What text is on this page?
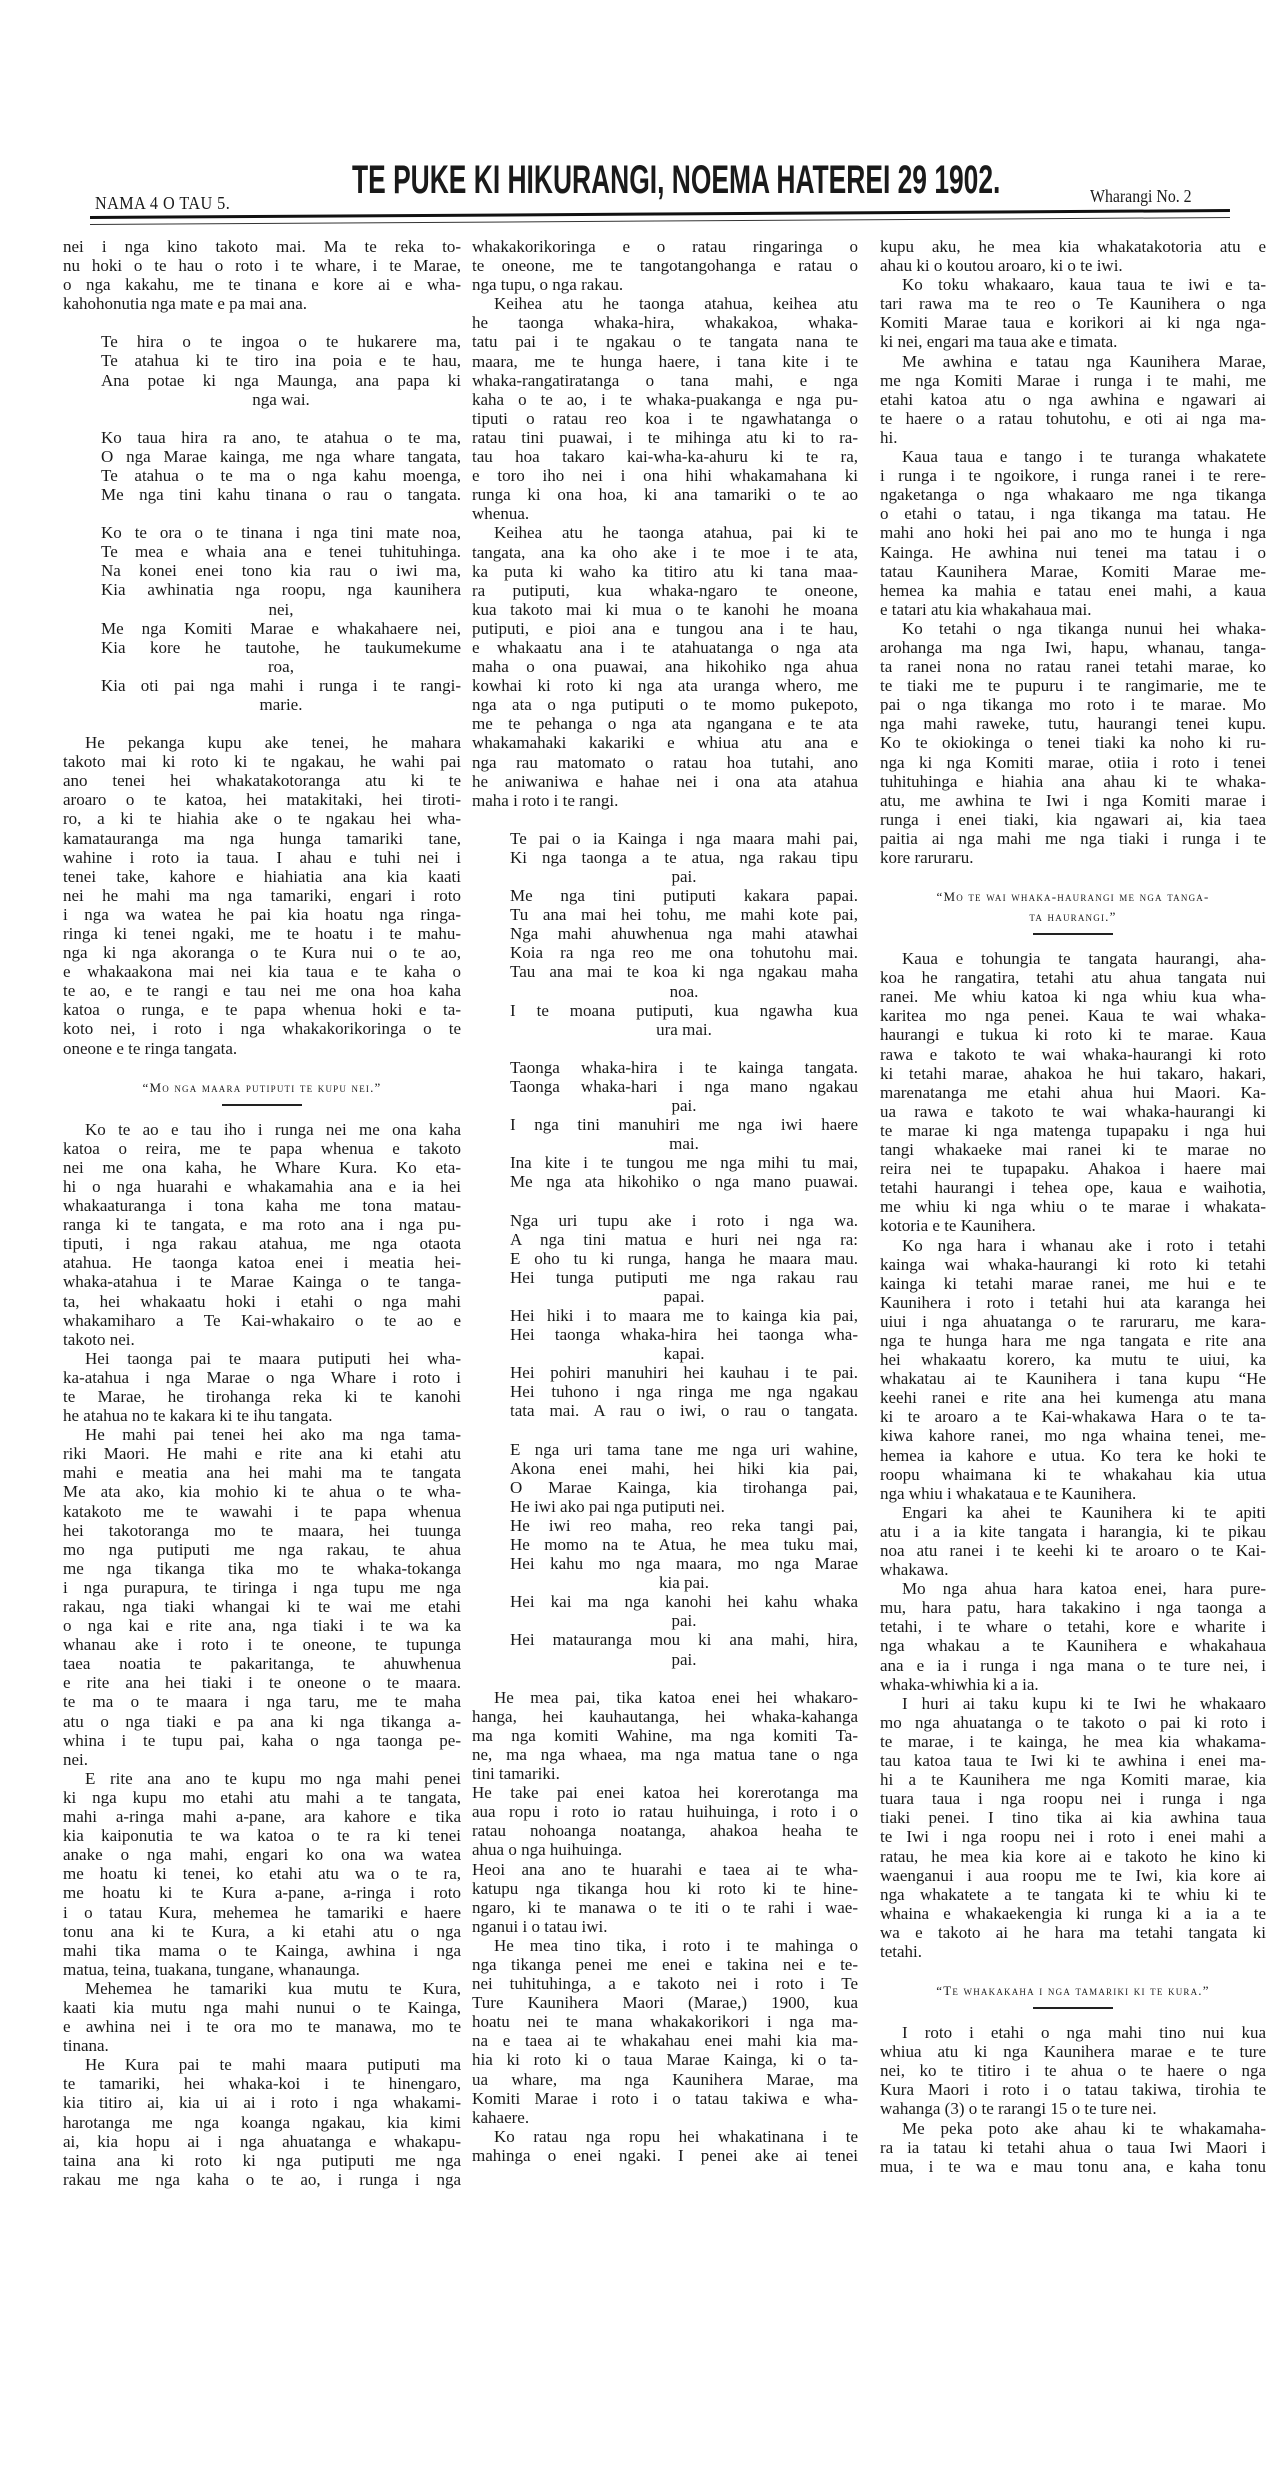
NAMA 4 O TAU 5.
TE PUKE KI HIKURANGI, NOEMA HATEREI 29 1902.	Wharangi No. 2
nei i nga kino takoto mai. Ma te reka to-
nu hoki o te hau o roto i te whare, i te Marae,
o nga kakahu, me te tinana e kore ai e wha-
kahohonutia nga mate e pa mai ana.
Te hira o te ingoa o te hukarere ma,
Te atahua ki te tiro ina poia e te hau,
Ana potae ki nga Maunga, ana papa ki
nga wai.
Ko taua hira ra ano, te atahua o te ma,
O nga Marae kainga, me nga whare tangata,
Te atahua o te ma o nga kahu moenga,
Me nga tini kahu tinana o rau o tangata.
Ko te ora o te tinana i nga tini mate noa,
Te mea e whaia ana e tenei tuhituhinga.
Na konei enei tono kia rau o iwi ma,
Kia awhinatia nga roopu, nga kaunihera
nei,
Me nga Komiti Marae e whakahaere nei,
Kia kore he tautohe, he taukumekume
roa,
Kia oti pai nga mahi i runga i te rangi-
marie.
He pekanga kupu ake tenei, he mahara
takoto mai ki roto ki te ngakau, he wahi pai
ano tenei hei whakatakotoranga atu ki te
aroaro o te katoa, hei matakitaki, hei tiroti-
ro, a ki te hiahia ake o te ngakau hei wha-
kamatauranga ma nga hunga tamariki tane,
wahine i roto ia taua. I ahau e tuhi nei i
tenei take, kahore e hiahiatia ana kia kaati
nei he mahi ma nga tamariki, engari i roto
i nga wa watea he pai kia hoatu nga ringa-
ringa ki tenei ngaki, me te hoatu i te mahu-
nga ki nga akoranga o te Kura nui o te ao,
e whakaakona mai nei kia taua e te kaha o
te ao, e te rangi e tau nei me ona hoa kaha
katoa o runga, e te papa whenua hoki e ta-
koto nei, i roto i nga whakakorikoringa o te
oneone e te ringa tangata.
“Mo nga maara putiputi te kupu nei.”
Ko te ao e tau iho i runga nei me ona kaha
katoa o reira, me te papa whenua e takoto
nei me ona kaha, he Whare Kura. Ko eta-
hi o nga huarahi e whakamahia ana e ia hei
whakaaturanga i tona kaha me tona matau-
ranga ki te tangata, e ma roto ana i nga pu-
tiputi, i nga rakau atahua, me nga otaota
atahua. He taonga katoa enei i meatia hei-
whaka-atahua i te Marae Kainga o te tanga-
ta, hei whakaatu hoki i etahi o nga mahi
whakamiharo a Te Kai-whakairo o te ao e
takoto nei.
Hei taonga pai te maara putiputi hei wha-
ka-atahua i nga Marae o nga Whare i roto i
te Marae, he tirohanga reka ki te kanohi
he atahua no te kakara ki te ihu tangata.
He mahi pai tenei hei ako ma nga tama-
riki Maori. He mahi e rite ana ki etahi atu
mahi e meatia ana hei mahi ma te tangata
Me ata ako, kia mohio ki te ahua o te wha-
katakoto me te wawahi i te papa whenua
hei takotoranga mo te maara, hei tuunga
mo nga putiputi me nga rakau, te ahua
me nga tikanga tika mo te whaka-tokanga
i nga purapura, te tiringa i nga tupu me nga
rakau, nga tiaki whangai ki te wai me etahi
o nga kai e rite ana, nga tiaki i te wa ka
whanau ake i roto i te oneone, te tupunga
taea noatia te pakaritanga, te ahuwhenua
e rite ana hei tiaki i te oneone o te maara.
te ma o te maara i nga taru, me te maha
atu o nga tiaki e pa ana ki nga tikanga a-
whina i te tupu pai, kaha o nga taonga pe-
nei.
E rite ana ano te kupu mo nga mahi penei
ki nga kupu mo etahi atu mahi a te tangata,
mahi a-ringa mahi a-pane, ara kahore e tika
kia kaiponutia te wa katoa o te ra ki tenei
anake o nga mahi, engari ko ona wa watea
me hoatu ki tenei, ko etahi atu wa o te ra,
me hoatu ki te Kura a-pane, a-ringa i roto
i o tatau Kura, mehemea he tamariki e haere
tonu ana ki te Kura, a ki etahi atu o nga
mahi tika mama o te Kainga, awhina i nga
matua, teina, tuakana, tungane, whanaunga.
Mehemea he tamariki kua mutu te Kura,
kaati kia mutu nga mahi nunui o te Kainga,
e awhina nei i te ora mo te manawa, mo te
tinana.
He Kura pai te mahi maara putiputi ma
te tamariki, hei whaka-koi i te hinengaro,
kia titiro ai, kia ui ai i roto i nga whakami-
harotanga me nga koanga ngakau, kia kimi
ai, kia hopu ai i nga ahuatanga e whakapu-
taina ana ki roto ki nga putiputi me nga
rakau me nga kaha o te ao, i runga i nga
whakakorikoringa e o ratau ringaringa o
te oneone, me te tangotangohanga e ratau o
nga tupu, o nga rakau.
Keihea atu he taonga atahua, keihea atu
he taonga whaka-hira, whakakoa, whaka-
tatu pai i te ngakau o te tangata nana te
maara, me te hunga haere, i tana kite i te
whaka-rangatiratanga o tana mahi, e nga
kaha o te ao, i te whaka-puakanga e nga pu-
tiputi o ratau reo koa i te ngawhatanga o
ratau tini puawai, i te mihinga atu ki to ra-
tau hoa takaro kai-wha-ka-ahuru ki te ra,
e toro iho nei i ona hihi whakamahana ki
runga ki ona hoa, ki ana tamariki o te ao
whenua.
Keihea atu he taonga atahua, pai ki te
tangata, ana ka oho ake i te moe i te ata,
ka puta ki waho ka titiro atu ki tana maa-
ra putiputi, kua whaka-ngaro te oneone,
kua takoto mai ki mua o te kanohi he moana
putiputi, e pioi ana e tungou ana i te hau,
e whakaatu ana i te atahuatanga o nga ata
maha o ona puawai, ana hikohiko nga ahua
kowhai ki roto ki nga ata uranga whero, me
nga ata o nga putiputi o te momo pukepoto,
me te pehanga o nga ata ngangana e te ata
whakamahaki kakariki e whiua atu ana e
nga rau matomato o ratau hoa tutahi, ano
he aniwaniwa e hahae nei i ona ata atahua
maha i roto i te rangi.
Te pai o ia Kainga i nga maara mahi pai,
Ki nga taonga a te atua, nga rakau tipu
pai.
Me nga tini putiputi kakara papai.
Tu ana mai hei tohu, me mahi kote pai,
Nga mahi ahuwhenua nga mahi atawhai
Koia ra nga reo me ona tohutohu mai.
Tau ana mai te koa ki nga ngakau maha
noa.
I te moana putiputi, kua ngawha kua
ura mai.
Taonga whaka-hira i te kainga tangata.
Taonga whaka-hari i nga mano ngakau
pai.
I nga tini manuhiri me nga iwi haere
mai.
Ina kite i te tungou me nga mihi tu mai,
Me nga ata hikohiko o nga mano puawai.
Nga uri tupu ake i roto i nga wa.
A nga tini matua e huri nei nga ra:
E oho tu ki runga, hanga he maara mau.
Hei tunga putiputi me nga rakau rau
papai.
Hei hiki i to maara me to kainga kia pai,
Hei taonga whaka-hira hei taonga wha-
kapai.
Hei pohiri manuhiri hei kauhau i te pai.
Hei tuhono i nga ringa me nga ngakau
tata mai. A rau o iwi, o rau o tangata.
E nga uri tama tane me nga uri wahine,
Akona enei mahi, hei hiki kia pai,
O Marae Kainga, kia tirohanga pai,
He iwi ako pai nga putiputi nei.
He iwi reo maha, reo reka tangi pai,
He momo na te Atua, he mea tuku mai,
Hei kahu mo nga maara, mo nga Marae
kia pai.
Hei kai ma nga kanohi hei kahu whaka
pai.
Hei matauranga mou ki ana mahi, hira,
pai.
He mea pai, tika katoa enei hei whakaro-
hanga, hei kauhautanga, hei whaka-kahanga
ma nga komiti Wahine, ma nga komiti Ta-
ne, ma nga whaea, ma nga matua tane o nga
tini tamariki.
He take pai enei katoa hei korerotanga ma
aua ropu i roto io ratau huihuinga, i roto i o
ratau nohoanga noatanga, ahakoa heaha te
ahua o nga huihuinga.
Heoi ana ano te huarahi e taea ai te wha-
katupu nga tikanga hou ki roto ki te hine-
ngaro, ki te manawa o te iti o te rahi i wae-
nganui i o tatau iwi.
He mea tino tika, i roto i te mahinga o
nga tikanga penei me enei e takina nei e te-
nei tuhituhinga, a e takoto nei i roto i Te
Ture Kaunihera Maori (Marae,) 1900, kua
hoatu nei te mana whakakorikori i nga ma-
na e taea ai te whakahau enei mahi kia ma-
hia ki roto ki o taua Marae Kainga, ki o ta-
ua whare, ma nga Kaunihera Marae, ma
Komiti Marae i roto i o tatau takiwa e wha-
kahaere.
Ko ratau nga ropu hei whakatinana i te
mahinga o enei ngaki. I penei ake ai tenei
kupu aku, he mea kia whakatakotoria atu e
ahau ki o koutou aroaro, ki o te iwi.
Ko toku whakaaro, kaua taua te iwi e ta-
tari rawa ma te reo o Te Kaunihera o nga
Komiti Marae taua e korikori ai ki nga nga-
ki nei, engari ma taua ake e timata.
Me awhina e tatau nga Kaunihera Marae,
me nga Komiti Marae i runga i te mahi, me
etahi katoa atu o nga awhina e ngawari ai
te haere o a ratau tohutohu, e oti ai nga ma-
hi.
Kaua taua e tango i te turanga whakatete
i runga i te ngoikore, i runga ranei i te rere-
ngaketanga o nga whakaaro me nga tikanga
o etahi o tatau, i nga tikanga ma tatau. He
mahi ano hoki hei pai ano mo te hunga i nga
Kainga. He awhina nui tenei ma tatau i o
tatau Kaunihera Marae, Komiti Marae me-
hemea ka mahia e tatau enei mahi, a kaua
e tatari atu kia whakahaua mai.
Ko tetahi o nga tikanga nunui hei whaka-
arohanga ma nga Iwi, hapu, whanau, tanga-
ta ranei nona no ratau ranei tetahi marae, ko
te tiaki me te pupuru i te rangimarie, me te
pai o nga tikanga mo roto i te marae. Mo
nga mahi raweke, tutu, haurangi tenei kupu.
Ko te okiokinga o tenei tiaki ka noho ki ru-
nga ki nga Komiti marae, otiia i roto i tenei
tuhituhinga e hiahia ana ahau ki te whaka-
atu, me awhina te Iwi i nga Komiti marae i
runga i enei tiaki, kia ngawari ai, kia taea
paitia ai nga mahi me nga tiaki i runga i te
kore raruraru.
“Mo te wai whaka-haurangi me nga tanga-
ta haurangi.”
Kaua e tohungia te tangata haurangi, aha-
koa he rangatira, tetahi atu ahua tangata nui
ranei. Me whiu katoa ki nga whiu kua wha-
karitea mo nga penei. Kaua te wai whaka-
haurangi e tukua ki roto ki te marae. Kaua
rawa e takoto te wai whaka-haurangi ki roto
ki tetahi marae, ahakoa he hui takaro, hakari,
marenatanga me etahi ahua hui Maori. Ka-
ua rawa e takoto te wai whaka-haurangi ki
te marae ki nga matenga tupapaku i nga hui
tangi whakaeke mai ranei ki te marae no
reira nei te tupapaku. Ahakoa i haere mai
tetahi haurangi i tehea ope, kaua e waihotia,
me whiu ki nga whiu o te marae i whakata-
kotoria e te Kaunihera.
Ko nga hara i whanau ake i roto i tetahi
kainga wai whaka-haurangi ki roto ki tetahi
kainga ki tetahi marae ranei, me hui e te
Kaunihera i roto i tetahi hui ata karanga hei
uiui i nga ahuatanga o te raruraru, me kara-
nga te hunga hara me nga tangata e rite ana
hei whakaatu korero, ka mutu te uiui, ka
whakatau ai te Kaunihera i tana kupu “He
keehi ranei e rite ana hei kumenga atu mana
ki te aroaro a te Kai-whakawa Hara o te ta-
kiwa kahore ranei, mo nga whaina tenei, me-
hemea ia kahore e utua. Ko tera ke hoki te
roopu whaimana ki te whakahau kia utua
nga whiu i whakataua e te Kaunihera.
Engari ka ahei te Kaunihera ki te apiti
atu i a ia kite tangata i harangia, ki te pikau
noa atu ranei i te keehi ki te aroaro o te Kai-
whakawa.
Mo nga ahua hara katoa enei, hara pure-
mu, hara patu, hara takakino i nga taonga a
tetahi, i te whare o tetahi, kore e wharite i
nga whakau a te Kaunihera e whakahaua
ana e ia i runga i nga mana o te ture nei, i
whaka-whiwhia ki a ia.
I huri ai taku kupu ki te Iwi he whakaaro
mo nga ahuatanga o te takoto o pai ki roto i
te marae, i te kainga, he mea kia whakama-
tau katoa taua te Iwi ki te awhina i enei ma-
hi a te Kaunihera me nga Komiti marae, kia
tuara taua i nga roopu nei i runga i nga
tiaki penei. I tino tika ai kia awhina taua
te Iwi i nga roopu nei i roto i enei mahi a
ratau, he mea kia kore ai e takoto he kino ki
waenganui i aua roopu me te Iwi, kia kore ai
nga whakatete a te tangata ki te whiu ki te
whaina e whakaekengia ki runga ki a ia a te
wa e takoto ai he hara ma tetahi tangata ki
tetahi.
“Te whakakaha i nga tamariki ki te kura.”
I roto i etahi o nga mahi tino nui kua
whiua atu ki nga Kaunihera marae e te ture
nei, ko te titiro i te ahua o te haere o nga
Kura Maori i roto i o tatau takiwa, tirohia te
wahanga (3) o te rarangi 15 o te ture nei.
Me peka poto ake ahau ki te whakamaha-
ra ia tatau ki tetahi ahua o taua Iwi Maori i
mua, i te wa e mau tonu ana, e kaha tonu
